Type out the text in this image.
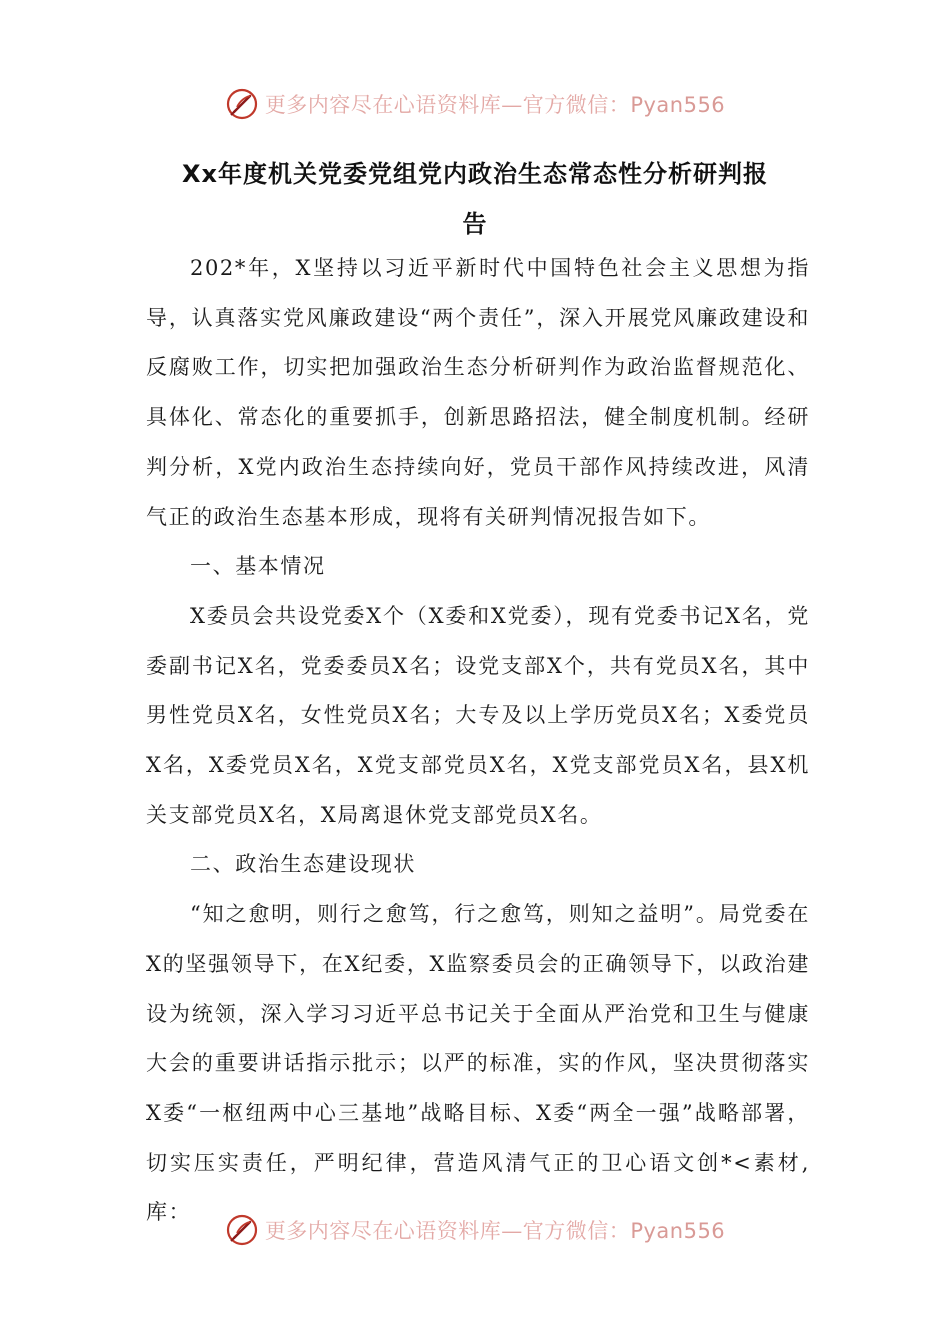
更多内容尽在心语资料库—官方微信：Pyan556
Xx年度机关党委党组党内政治生态常态性分析研判报
告

202*年，X坚持以习近平新时代中国特色社会主义思想为指导，认真落实党风廉政建设“两个责任”，深入开展党风廉政建设和反腐败工作，切实把加强政治生态分析研判作为政治监督规范化、具体化、常态化的重要抓手，创新思路招法，健全制度机制。经研判分析，X党内政治生态持续向好，党员干部作风持续改进，风清气正的政治生态基本形成，现将有关研判情况报告如下。

一、基本情况

X委员会共设党委X个（X委和X党委），现有党委书记X名，党委副书记X名，党委委员X名；设党支部X个，共有党员X名，其中男性党员X名，女性党员X名；大专及以上学历党员X名；X委党员X名，X委党员X名，X党支部党员X名，X党支部党员X名，县X机关支部党员X名，X局离退休党支部党员X名。

二、政治生态建设现状

“知之愈明，则行之愈笃，行之愈笃，则知之益明”。局党委在X的坚强领导下，在X纪委，X监察委员会的正确领导下，以政治建设为统领，深入学习习近平总书记关于全面从严治党和卫生与健康大会的重要讲话指示批示；以严的标准，实的作风，坚决贯彻落实X委“一枢纽两中心三基地”战略目标、X委“两全一强”战略部署，切实压实责任，严明纪律，营造风清气正的卫心语文创*<素材,库：

更多内容尽在心语资料库—官方微信：Pyan556
